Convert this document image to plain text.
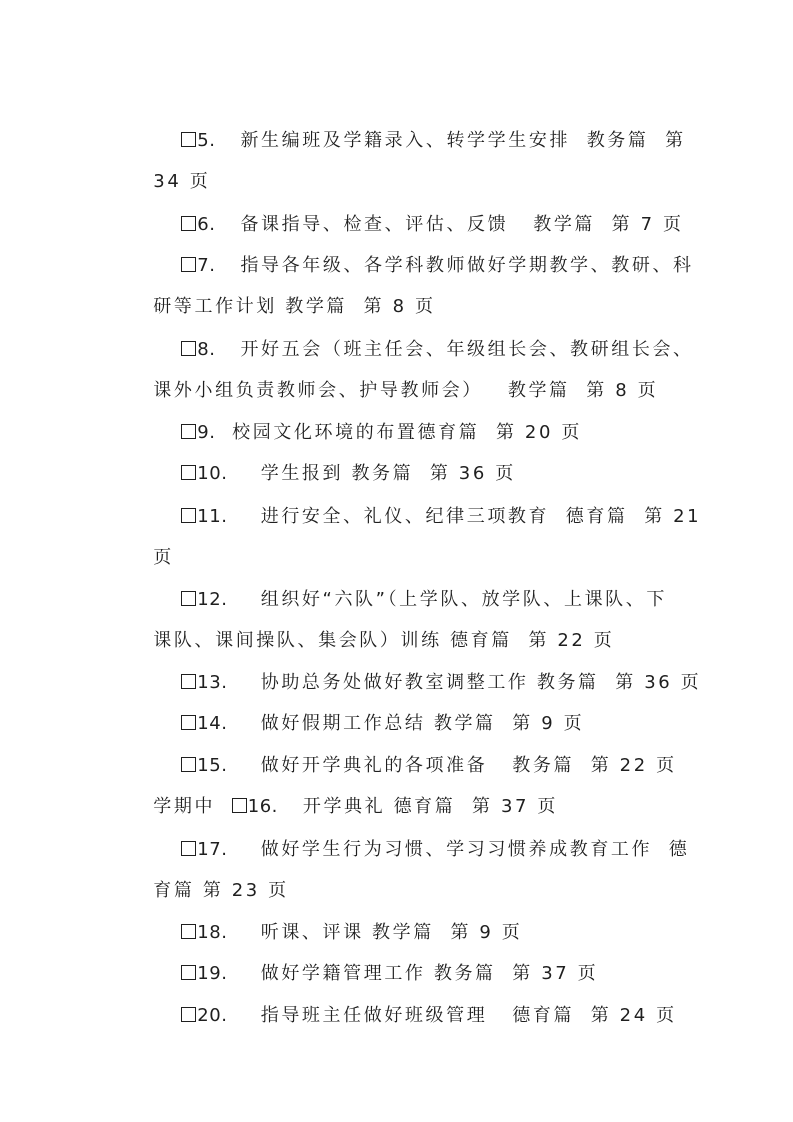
5.   新生编班及学籍录入、转学学生安排  教务篇  第

34 页

6.   备课指导、检查、评估、反馈   教学篇  第 7 页

7.   指导各年级、各学科教师做好学期教学、教研、科

研等工作计划 教学篇  第 8 页

8.   开好五会（班主任会、年级组长会、教研组长会、

课外小组负责教师会、护导教师会）   教学篇  第 8 页

9.  校园文化环境的布置德育篇  第 20 页

10.    学生报到 教务篇  第 36 页

11.    进行安全、礼仪、纪律三项教育  德育篇  第 21

页

12.    组织好“六队”（上学队、放学队、上课队、下

课队、课间操队、集会队）训练 德育篇  第 22 页

13.    协助总务处做好教室调整工作 教务篇  第 36 页

14.    做好假期工作总结 教学篇  第 9 页

15.    做好开学典礼的各项准备   教务篇  第 22 页

学期中  16.   开学典礼 德育篇  第 37 页

17.    做好学生行为习惯、学习习惯养成教育工作  德

育篇 第 23 页

18.    听课、评课 教学篇  第 9 页

19.    做好学籍管理工作 教务篇  第 37 页

20.    指导班主任做好班级管理   德育篇  第 24 页
